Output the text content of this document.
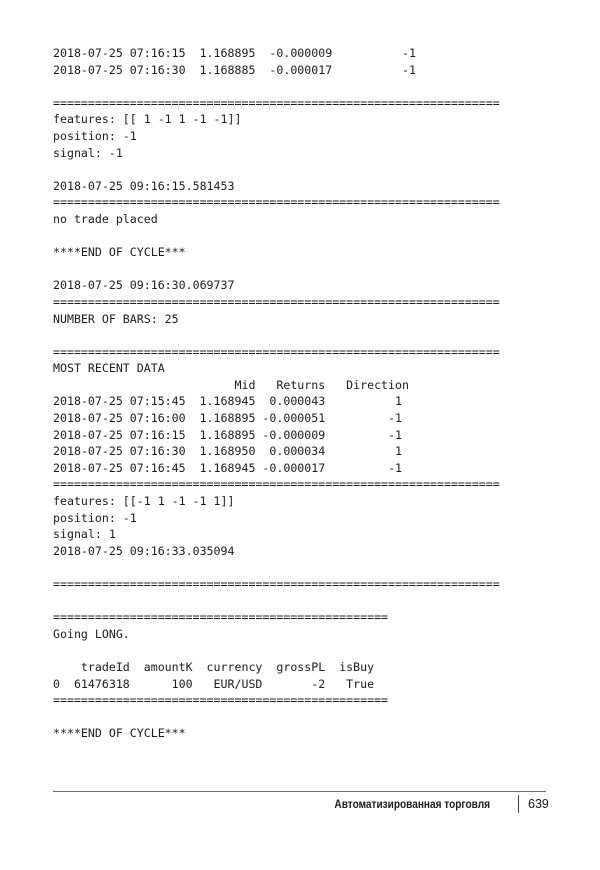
2018-07-25 07:16:15  1.168895  -0.000009          -1
2018-07-25 07:16:30  1.168885  -0.000017          -1
================================================================
features: [[ 1 -1 1 -1 -1]]
position: -1
signal: -1
2018-07-25 09:16:15.581453
================================================================
no trade placed
****END OF CYCLE***
2018-07-25 09:16:30.069737
================================================================
NUMBER OF BARS: 25
================================================================
MOST RECENT DATA
Mid   Returns   Direction
2018-07-25 07:15:45  1.168945  0.000043          1
2018-07-25 07:16:00  1.168895 -0.000051         -1
2018-07-25 07:16:15  1.168895 -0.000009         -1
2018-07-25 07:16:30  1.168950  0.000034          1
2018-07-25 07:16:45  1.168945 -0.000017         -1
================================================================
features: [[-1 1 -1 -1 1]]
position: -1
signal: 1
2018-07-25 09:16:33.035094
================================================================
================================================
Going LONG.
tradeId  amountK  currency  grossPL  isBuy
0  61476318      100   EUR/USD       -2   True
================================================
****END OF CYCLE***
Автоматизированная торговля	639
